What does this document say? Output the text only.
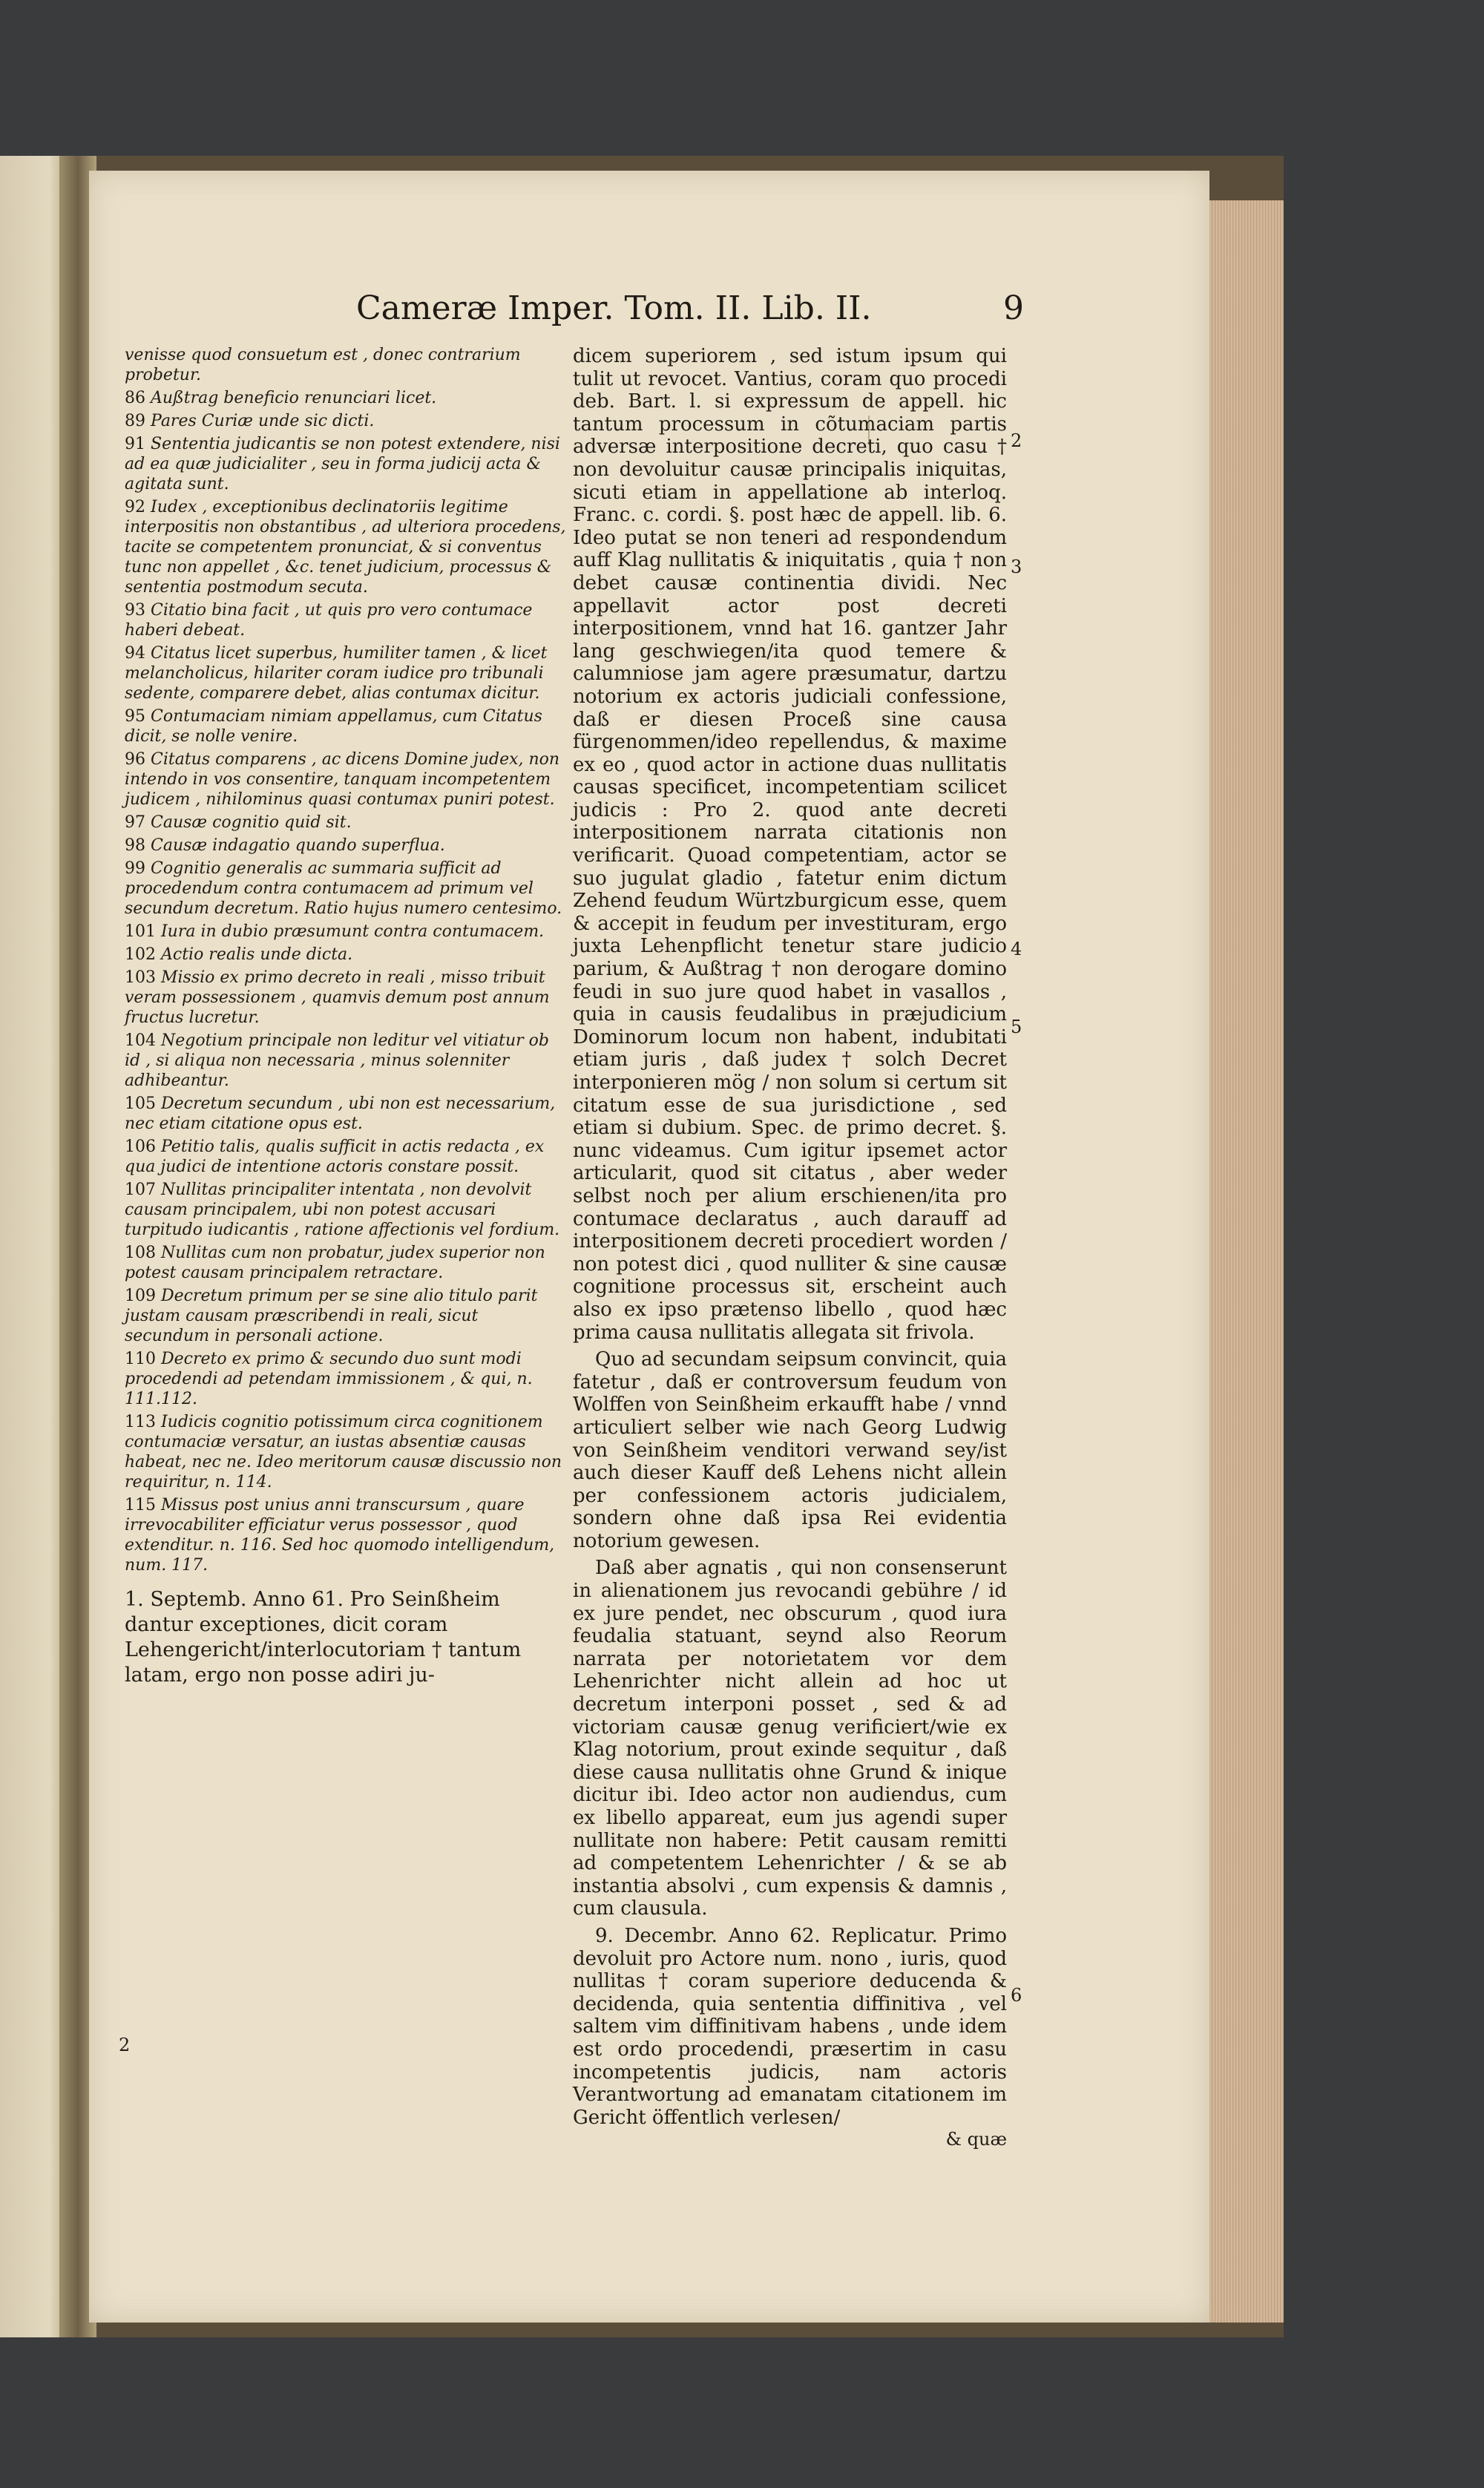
Cameræ Imper. Tom. II. Lib. II.	9
venisse quod consuetum est , donec contrarium probetur.
86 Außtrag beneficio renunciari licet.
89 Pares Curiæ unde sic dicti.
91 Sententia judicantis se non potest extendere, nisi ad ea quæ judicialiter , seu in forma judicij acta & agitata sunt.
92 Iudex , exceptionibus declinatoriis legitime interpositis non obstantibus , ad ulteriora procedens, tacite se competentem pronunciat, & si conventus tunc non appellet , &c. tenet judicium, processus & sententia postmodum secuta.
93 Citatio bina facit , ut quis pro vero contumace haberi debeat.
94 Citatus licet superbus, humiliter tamen , & licet melancholicus, hilariter coram iudice pro tribunali sedente, comparere debet, alias contumax dicitur.
95 Contumaciam nimiam appellamus, cum Citatus dicit, se nolle venire.
96 Citatus comparens , ac dicens Domine judex, non intendo in vos consentire, tanquam incompetentem judicem , nihilominus quasi contumax puniri potest.
97 Causæ cognitio quid sit.
98 Causæ indagatio quando superflua.
99 Cognitio generalis ac summaria sufficit ad procedendum contra contumacem ad primum vel secundum decretum. Ratio hujus numero centesimo.
101 Iura in dubio præsumunt contra contumacem.
102 Actio realis unde dicta.
103 Missio ex primo decreto in reali , misso tribuit veram possessionem , quamvis demum post annum fructus lucretur.
104 Negotium principale non leditur vel vitiatur ob id , si aliqua non necessaria , minus solenniter adhibeantur.
105 Decretum secundum , ubi non est necessarium, nec etiam citatione opus est.
106 Petitio talis, qualis sufficit in actis redacta , ex qua judici de intentione actoris constare possit.
107 Nullitas principaliter intentata , non devolvit causam principalem, ubi non potest accusari turpitudo iudicantis , ratione affectionis vel fordium.
108 Nullitas cum non probatur, judex superior non potest causam principalem retractare.
109 Decretum primum per se sine alio titulo parit justam causam præscribendi in reali, sicut secundum in personali actione.
110 Decreto ex primo & secundo duo sunt modi procedendi ad petendam immissionem , & qui, n. 111.112.
113 Iudicis cognitio potissimum circa cognitionem contumaciæ versatur, an iustas absentiæ causas habeat, nec ne. Ideo meritorum causæ discussio non requiritur, n. 114.
115 Missus post unius anni transcursum , quare irrevocabiliter efficiatur verus possessor , quod extenditur. n. 116. Sed hoc quomodo intelligendum, num. 117.
1. Septemb. Anno 61. Pro Seinßheim dantur exceptiones, dicit coram Lehengericht/interlocutoriam † tantum latam, ergo non posse adiri ju-

dicem superiorem , sed istum ipsum qui tulit ut revocet. Vantius, coram quo procedi deb. Bart. l. si expressum de appell. hic tantum processum in cõtumaciam partis adversæ interpositione decreti, quo casu † non devoluitur causæ principalis iniquitas, sicuti etiam in appellatione ab interloq. Franc. c. cordi. §. post hæc de appell. lib. 6. Ideo putat se non teneri ad respondendum auff Klag nullitatis & iniquitatis , quia † non debet causæ continentia dividi. Nec appellavit actor post decreti interpositionem, vnnd hat 16. gantzer Jahr lang geschwiegen/ita quod temere & calumniose jam agere præsumatur, dartzu notorium ex actoris judiciali confessione, daß er diesen Proceß sine causa fürgenommen/ideo repellendus, & maxime ex eo , quod actor in actione duas nullitatis causas specificet, incompetentiam scilicet judicis : Pro 2. quod ante decreti interpositionem narrata citationis non verificarit. Quoad competentiam, actor se suo jugulat gladio , fatetur enim dictum Zehend feudum Würtzburgicum esse, quem & accepit in feudum per investituram, ergo juxta Lehenpflicht tenetur stare judicio parium, & Außtrag † non derogare domino feudi in suo jure quod habet in vasallos , quia in causis feudalibus in præjudicium Dominorum locum non habent, indubitati etiam juris , daß judex † solch Decret interponieren mög / non solum si certum sit citatum esse de sua jurisdictione , sed etiam si dubium. Spec. de primo decret. §. nunc videamus. Cum igitur ipsemet actor articularit, quod sit citatus , aber weder selbst noch per alium erschienen/ita pro contumace declaratus , auch darauff ad interpositionem decreti procediert worden / non potest dici , quod nulliter & sine causæ cognitione processus sit, erscheint auch also ex ipso prætenso libello , quod hæc prima causa nullitatis allegata sit frivola.

Quo ad secundam seipsum convincit, quia fatetur , daß er controversum feudum von Wolffen von Seinßheim erkaufft habe / vnnd articuliert selber wie nach Georg Ludwig von Seinßheim venditori verwand sey/ist auch dieser Kauff deß Lehens nicht allein per confessionem actoris judicialem, sondern ohne daß ipsa Rei evidentia notorium gewesen.

Daß aber agnatis , qui non consenserunt in alienationem jus revocandi gebühre / id ex jure pendet, nec obscurum , quod iura feudalia statuant, seynd also Reorum narrata per notorietatem vor dem Lehenrichter nicht allein ad hoc ut decretum interponi posset , sed & ad victoriam causæ genug verificiert/wie ex Klag notorium, prout exinde sequitur , daß diese causa nullitatis ohne Grund & inique dicitur ibi. Ideo actor non audiendus, cum ex libello appareat, eum jus agendi super nullitate non habere: Petit causam remitti ad competentem Lehenrichter / & se ab instantia absolvi , cum expensis & damnis , cum clausula.

9. Decembr. Anno 62. Replicatur. Primo devoluit pro Actore num. nono , iuris, quod nullitas † coram superiore deducenda & decidenda, quia sententia diffinitiva , vel saltem vim diffinitivam habens , unde idem est ordo procedendi, præsertim in casu incompetentis judicis, nam actoris Verantwortung ad emanatam citationem im Gericht öffentlich verlesen/

& quæ
2
3
4
5
6
2
